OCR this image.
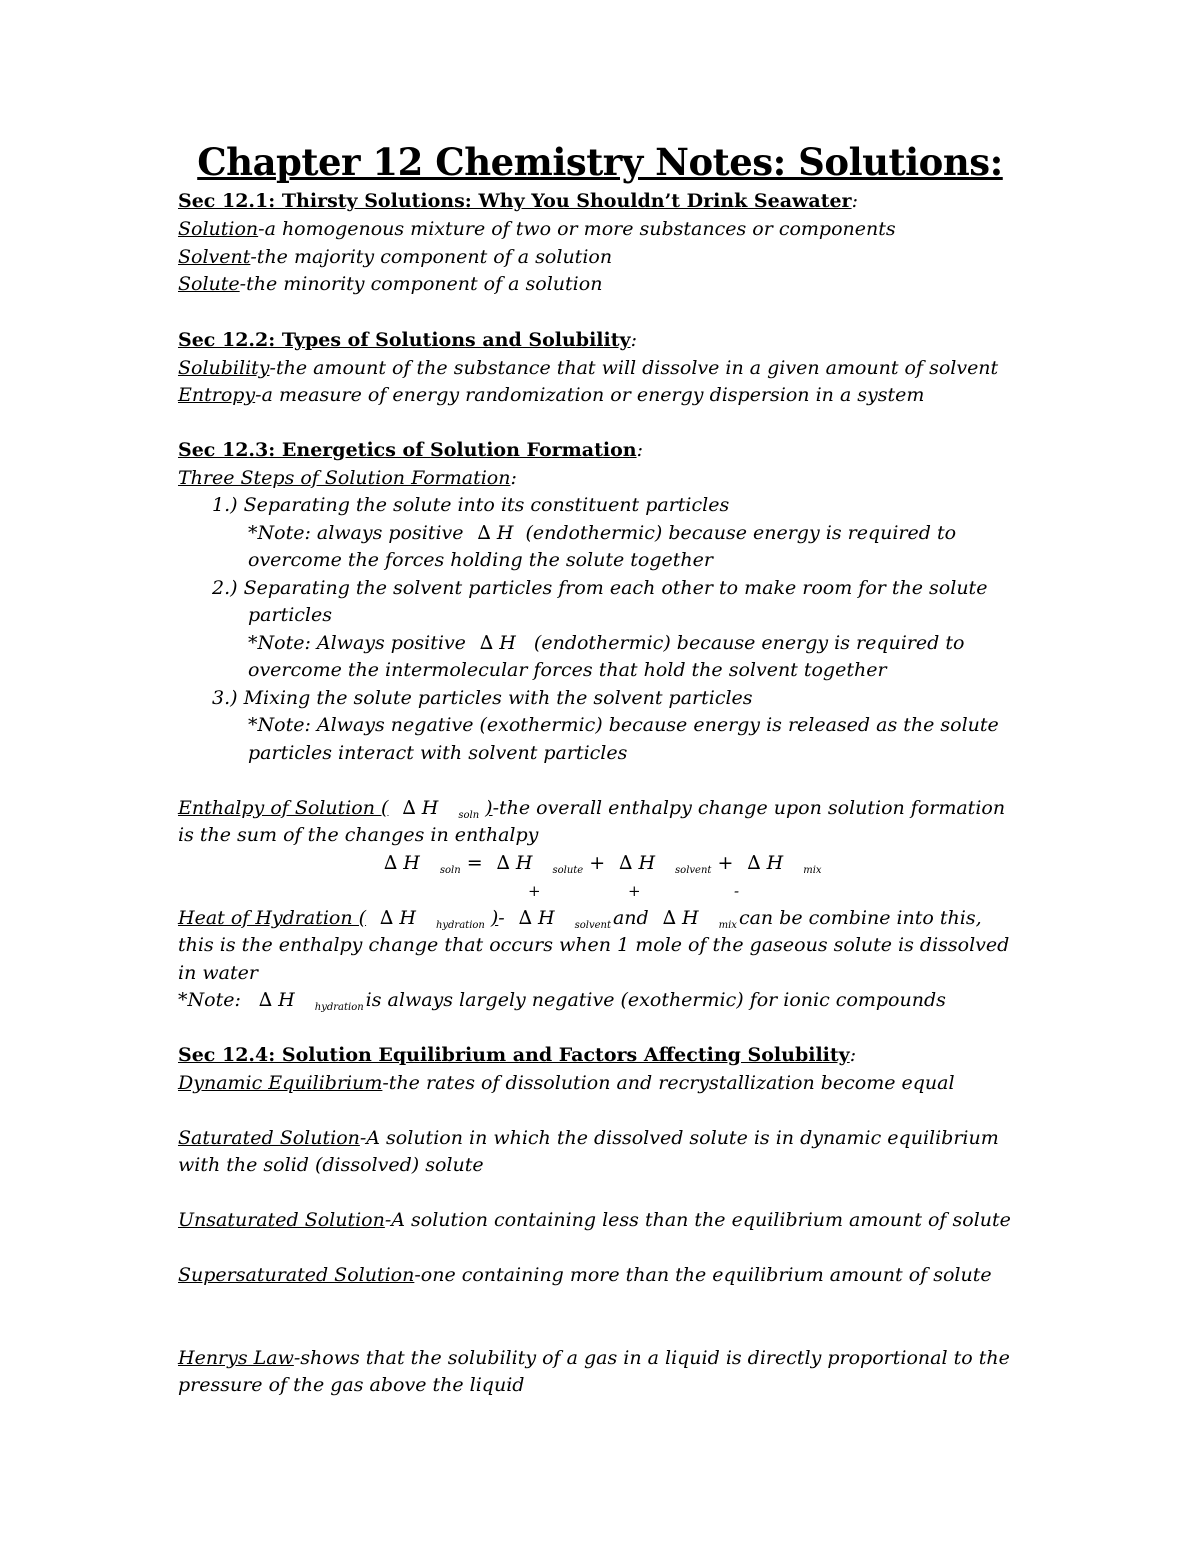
Chapter 12 Chemistry Notes: Solutions:
Sec 12.1: Thirsty Solutions: Why You Shouldn’t Drink Seawater:
Solution-a homogenous mixture of two or more substances or components
Solvent-the majority component of a solution
Solute-the minority component of a solution
Sec 12.2: Types of Solutions and Solubility:
Solubility-the amount of the substance that will dissolve in a given amount of solvent
Entropy-a measure of energy randomization or energy dispersion in a system
Sec 12.3: Energetics of Solution Formation:
Three Steps of Solution Formation:
1.) Separating the solute into its constituent particles
*Note: always positive ∆ H (endothermic) because energy is required to
overcome the forces holding the solute together
2.) Separating the solvent particles from each other to make room for the solute
particles
*Note: Always positive ∆ H (endothermic) because energy is required to
overcome the intermolecular forces that hold the solvent together
3.) Mixing the solute particles with the solvent particles
*Note: Always negative (exothermic) because energy is released as the solute
particles interact with solvent particles
Enthalpy of Solution ( ∆ H $_{soln}$ )-the overall enthalpy change upon solution formation
is the sum of the changes in enthalpy
∆ H $_{soln}$ = ∆ H $_{solute}$ + ∆ H $_{solvent}$ + ∆ H $_{mix}$
+	+	-
Heat of Hydration ( ∆ H $_{hydration}$ )- ∆ H $_{solvent}$ and ∆ H $_{mix}$ can be combine into this,
this is the enthalpy change that occurs when 1 mole of the gaseous solute is dissolved
in water
*Note: ∆ H $_{hydration}$ is always largely negative (exothermic) for ionic compounds
Sec 12.4: Solution Equilibrium and Factors Affecting Solubility:
Dynamic Equilibrium-the rates of dissolution and recrystallization become equal
Saturated Solution-A solution in which the dissolved solute is in dynamic equilibrium
with the solid (dissolved) solute
Unsaturated Solution-A solution containing less than the equilibrium amount of solute
Supersaturated Solution-one containing more than the equilibrium amount of solute
Henrys Law-shows that the solubility of a gas in a liquid is directly proportional to the
pressure of the gas above the liquid
